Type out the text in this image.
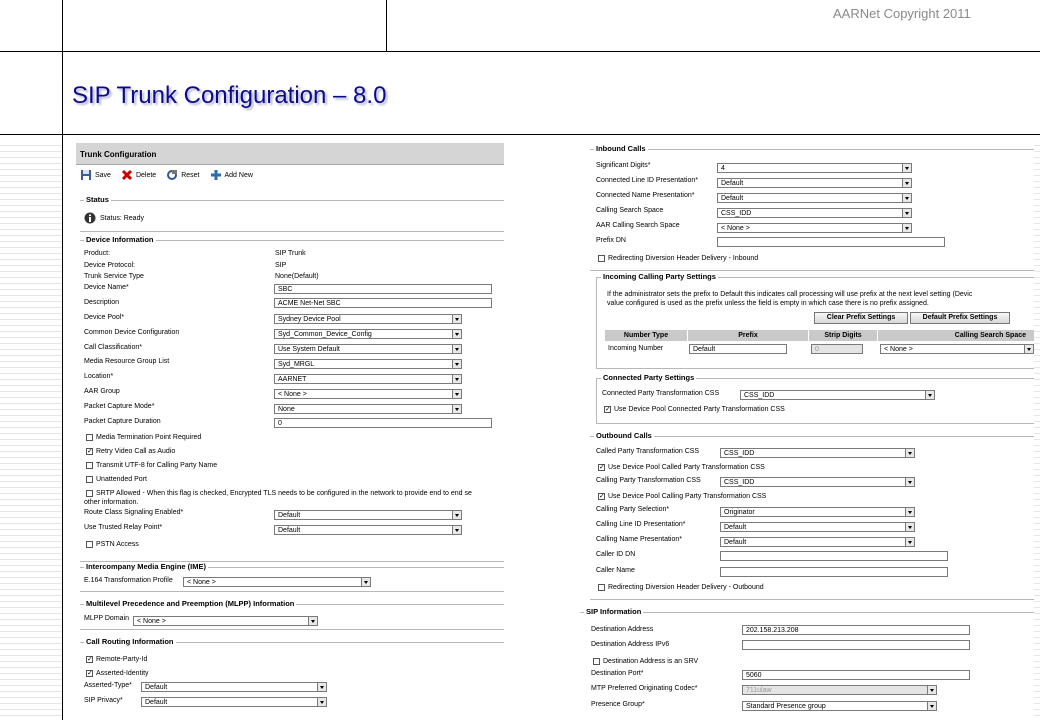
AARNet Copyright 2011
SIP Trunk Configuration – 8.0
Trunk Configuration
Save	Delete	Reset	Add New
Status
Status: Ready
Device Information
Product:	SIP Trunk
Device Protocol:	SIP
Trunk Service Type	None(Default)
Device Name*	SBC
Description	ACME Net-Net SBC
Device Pool*	Sydney Device Pool
Common Device Configuration	Syd_Common_Device_Config
Call Classification*	Use System Default
Media Resource Group List	Syd_MRGL
Location*	AARNET
AAR Group	< None >
Packet Capture Mode*	None
Packet Capture Duration	0
Media Termination Point Required
✓ Retry Video Call as Audio
Transmit UTF-8 for Calling Party Name
Unattended Port
SRTP Allowed - When this flag is checked, Encrypted TLS needs to be configured in the network to provide end to end se
other information.
Route Class Signaling Enabled*	Default
Use Trusted Relay Point*	Default
PSTN Access
Intercompany Media Engine (IME)
E.164 Transformation Profile	< None >
Multilevel Precedence and Preemption (MLPP) Information
MLPP Domain	< None >
Call Routing Information
✓ Remote-Party-Id
✓ Asserted-Identity
Asserted-Type*	Default
SIP Privacy*	Default
Inbound Calls
Significant Digits*	4
Connected Line ID Presentation*	Default
Connected Name Presentation*	Default
Calling Search Space	CSS_IDD
AAR Calling Search Space	< None >
Prefix DN
Redirecting Diversion Header Delivery - Inbound
Incoming Calling Party Settings
If the administrator sets the prefix to Default this indicates call processing will use prefix at the next level setting (Devic
value configured is used as the prefix unless the field is empty in which case there is no prefix assigned.
Clear Prefix Settings	Default Prefix Settings
Number Type	Prefix	Strip Digits	Calling Search Space
Incoming Number	Default	0	< None >
Connected Party Settings
Connected Party Transformation CSS	CSS_IDD
✓ Use Device Pool Connected Party Transformation CSS
Outbound Calls
Called Party Transformation CSS	CSS_IDD
✓ Use Device Pool Called Party Transformation CSS
Calling Party Transformation CSS	CSS_IDD
✓ Use Device Pool Calling Party Transformation CSS
Calling Party Selection*	Originator
Calling Line ID Presentation*	Default
Calling Name Presentation*	Default
Caller ID DN
Caller Name
Redirecting Diversion Header Delivery - Outbound
SIP Information
Destination Address	202.158.213.208
Destination Address IPv6
Destination Address is an SRV
Destination Port*	5060
MTP Preferred Originating Codec*	711ulaw
Presence Group*	Standard Presence group
